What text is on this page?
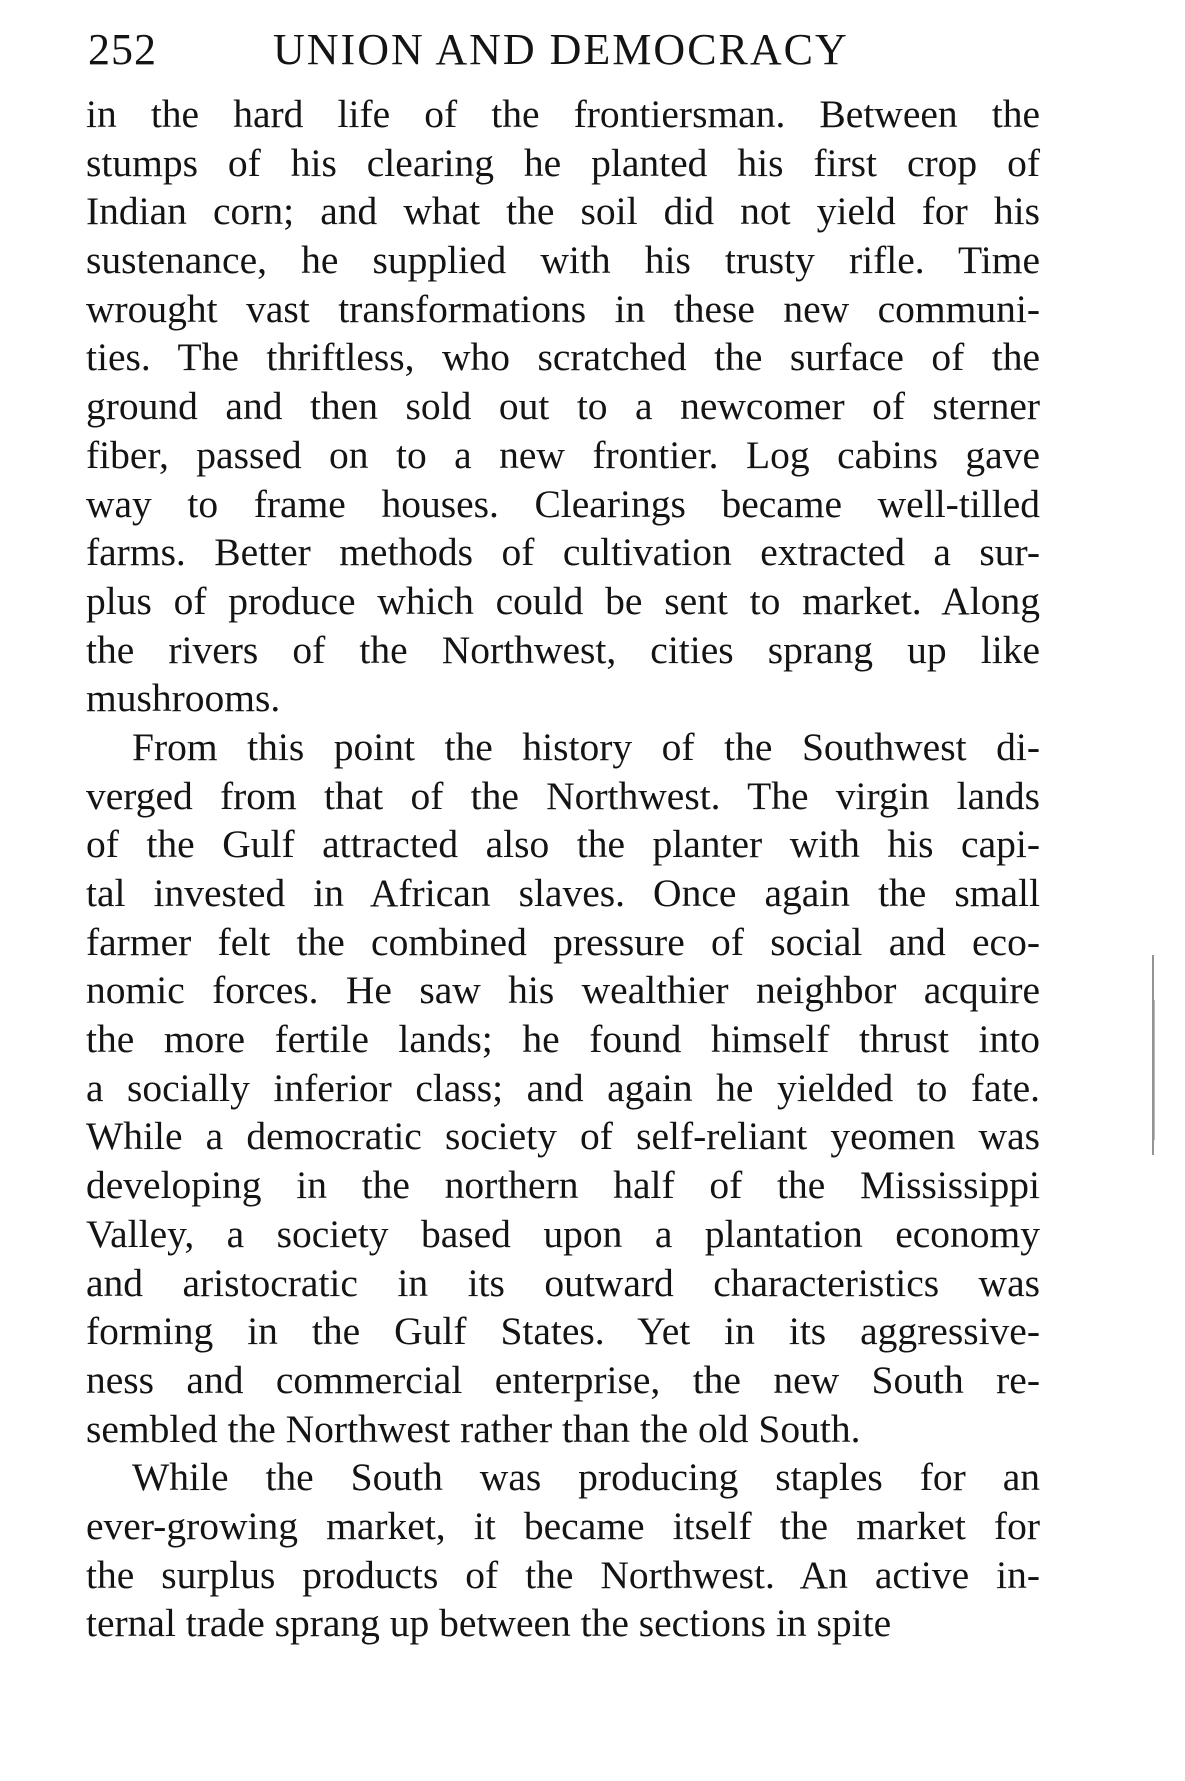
252	UNION AND DEMOCRACY
in the hard life of the frontiersman. Between the
stumps of his clearing he planted his first crop of
Indian corn; and what the soil did not yield for his
sustenance, he supplied with his trusty rifle. Time
wrought vast transformations in these new communi-
ties. The thriftless, who scratched the surface of the
ground and then sold out to a newcomer of sterner
fiber, passed on to a new frontier. Log cabins gave
way to frame houses. Clearings became well-tilled
farms. Better methods of cultivation extracted a sur-
plus of produce which could be sent to market. Along
the rivers of the Northwest, cities sprang up like
mushrooms.
From this point the history of the Southwest di-
verged from that of the Northwest. The virgin lands
of the Gulf attracted also the planter with his capi-
tal invested in African slaves. Once again the small
farmer felt the combined pressure of social and eco-
nomic forces. He saw his wealthier neighbor acquire
the more fertile lands; he found himself thrust into
a socially inferior class; and again he yielded to fate.
While a democratic society of self-reliant yeomen was
developing in the northern half of the Mississippi
Valley, a society based upon a plantation economy
and aristocratic in its outward characteristics was
forming in the Gulf States. Yet in its aggressive-
ness and commercial enterprise, the new South re-
sembled the Northwest rather than the old South.
While the South was producing staples for an
ever-growing market, it became itself the market for
the surplus products of the Northwest. An active in-
ternal trade sprang up between the sections in spite
